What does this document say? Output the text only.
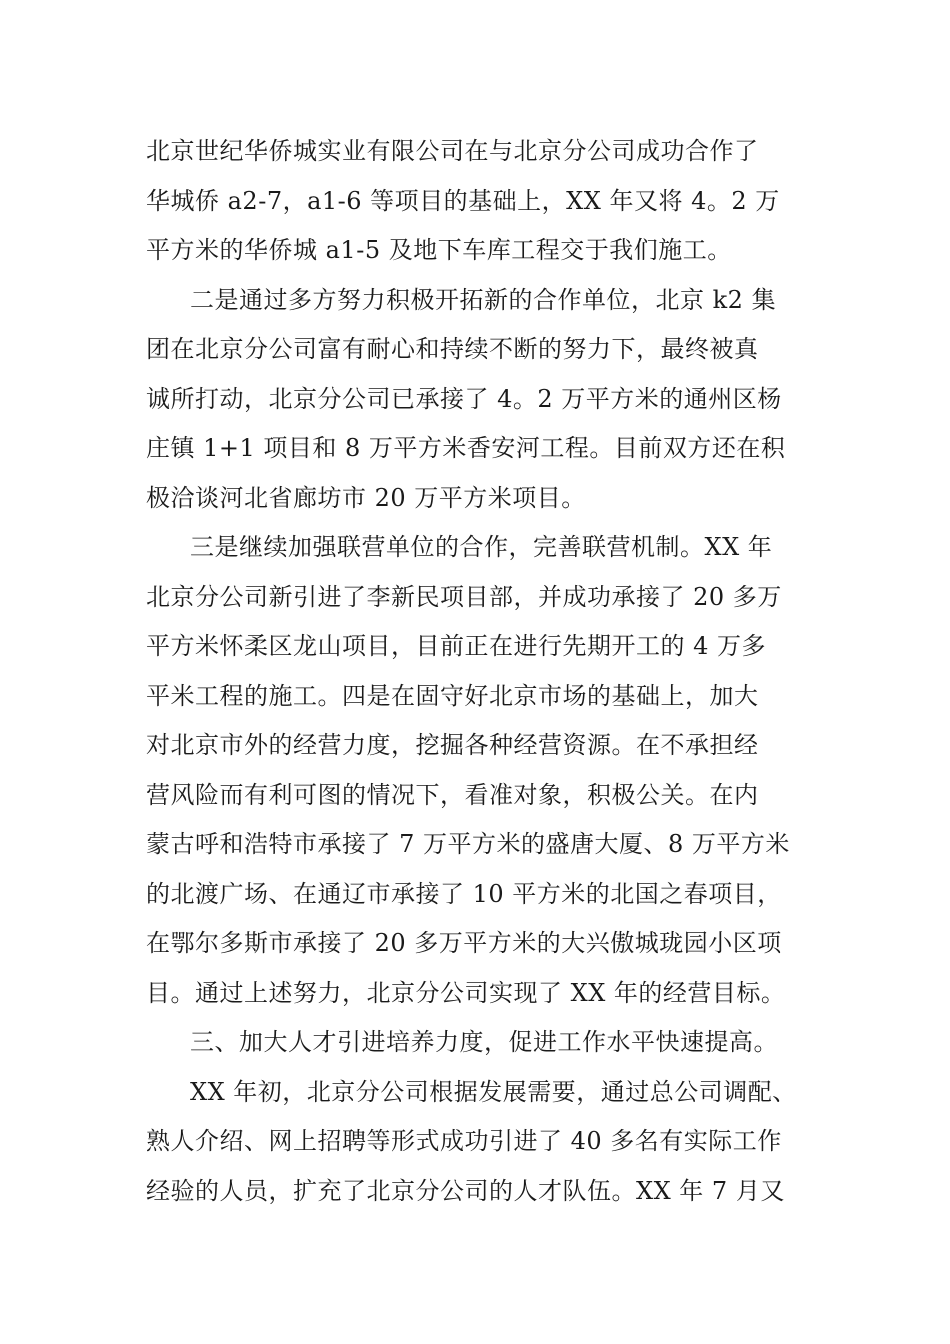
北京世纪华侨城实业有限公司在与北京分公司成功合作了
华城侨 a2-7，a1-6 等项目的基础上，XX 年又将 4。2 万
平方米的华侨城 a1-5 及地下车库工程交于我们施工。
二是通过多方努力积极开拓新的合作单位，北京 k2 集
团在北京分公司富有耐心和持续不断的努力下，最终被真
诚所打动，北京分公司已承接了 4。2 万平方米的通州区杨
庄镇 1+1 项目和 8 万平方米香安河工程。目前双方还在积
极洽谈河北省廊坊市 20 万平方米项目。
三是继续加强联营单位的合作，完善联营机制。XX 年
北京分公司新引进了李新民项目部，并成功承接了 20 多万
平方米怀柔区龙山项目，目前正在进行先期开工的 4 万多
平米工程的施工。四是在固守好北京市场的基础上，加大
对北京市外的经营力度，挖掘各种经营资源。在不承担经
营风险而有利可图的情况下，看准对象，积极公关。在内
蒙古呼和浩特市承接了 7 万平方米的盛唐大厦、8 万平方米
的北渡广场、在通辽市承接了 10 平方米的北国之春项目，
在鄂尔多斯市承接了 20 多万平方米的大兴傲城珑园小区项
目。通过上述努力，北京分公司实现了 XX 年的经营目标。
三、加大人才引进培养力度，促进工作水平快速提高。
XX 年初，北京分公司根据发展需要，通过总公司调配、
熟人介绍、网上招聘等形式成功引进了 40 多名有实际工作
经验的人员，扩充了北京分公司的人才队伍。XX 年 7 月又
